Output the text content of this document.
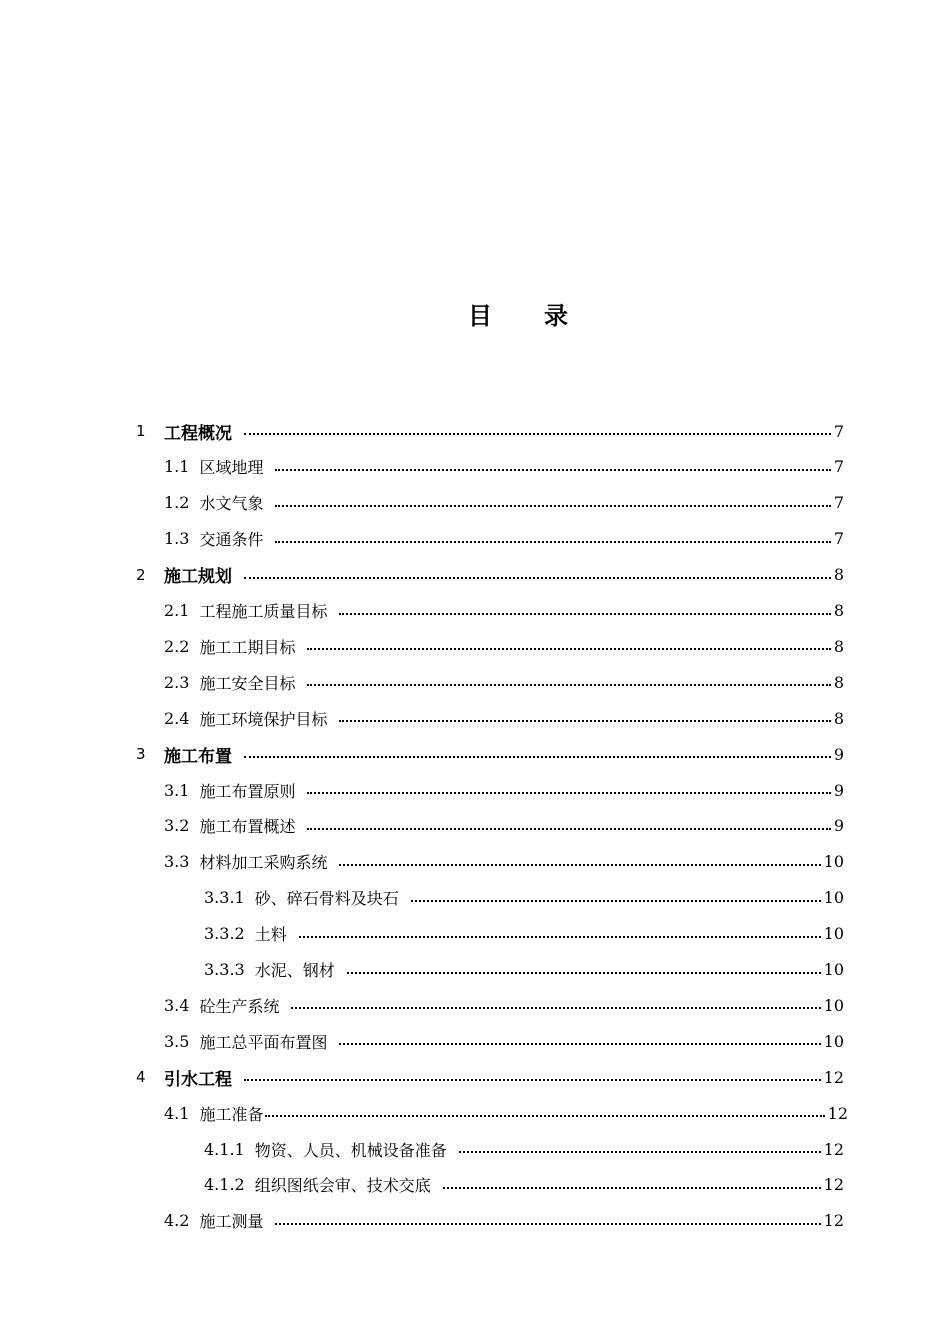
目　录
1	工程概况	7
1.1 区域地理	7
1.2 水文气象	7
1.3 交通条件	7
2	施工规划	8
2.1 工程施工质量目标	8
2.2 施工工期目标	8
2.3 施工安全目标	8
2.4 施工环境保护目标	8
3	施工布置	9
3.1 施工布置原则	9
3.2 施工布置概述	9
3.3 材料加工采购系统	10
3.3.1 砂、碎石骨料及块石	10
3.3.2 土料	10
3.3.3 水泥、钢材	10
3.4 砼生产系统	10
3.5 施工总平面布置图	10
4	引水工程	12
4.1 施工准备	12
4.1.1 物资、人员、机械设备准备	12
4.1.2 组织图纸会审、技术交底	12
4.2 施工测量	12
